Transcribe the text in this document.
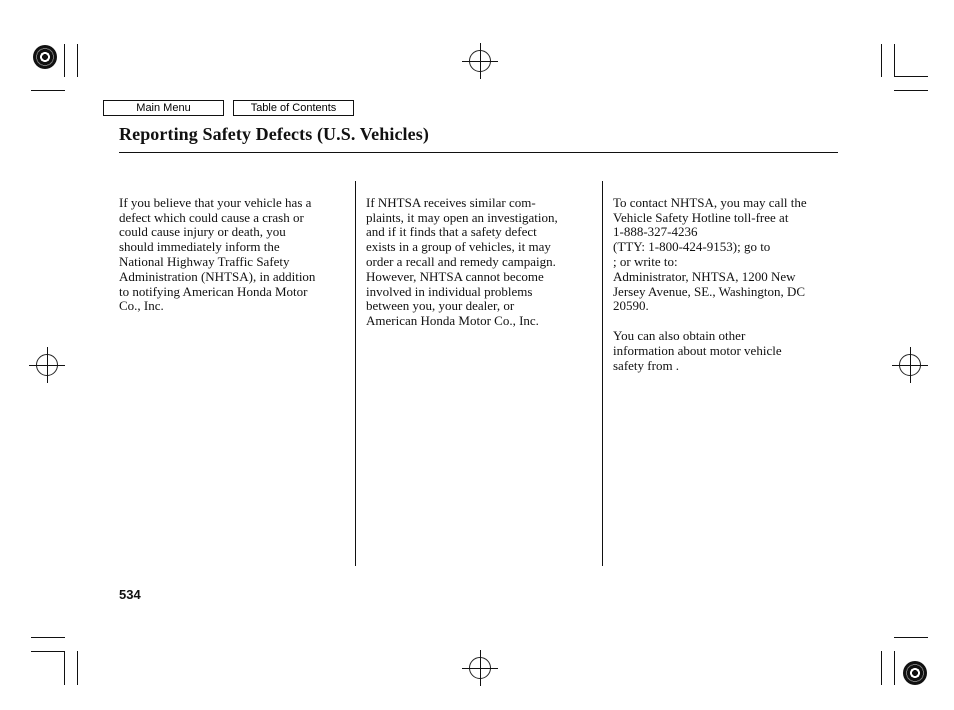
Main Menu	Table of Contents
Reporting Safety Defects (U.S. Vehicles)

If you believe that your vehicle has a
defect which could cause a crash or
could cause injury or death, you
should immediately inform the
National Highway Traffic Safety
Administration (NHTSA), in addition
to notifying American Honda Motor
Co., Inc.

If NHTSA receives similar com-
plaints, it may open an investigation,
and if it finds that a safety defect
exists in a group of vehicles, it may
order a recall and remedy campaign.
However, NHTSA cannot become
involved in individual problems
between you, your dealer, or
American Honda Motor Co., Inc.

To contact NHTSA, you may call the
Vehicle Safety Hotline toll-free at
1-888-327-4236
(TTY: 1-800-424-9153); go to
; or write to:
Administrator, NHTSA, 1200 New
Jersey Avenue, SE., Washington, DC
20590.

You can also obtain other
information about motor vehicle
safety from .

534
